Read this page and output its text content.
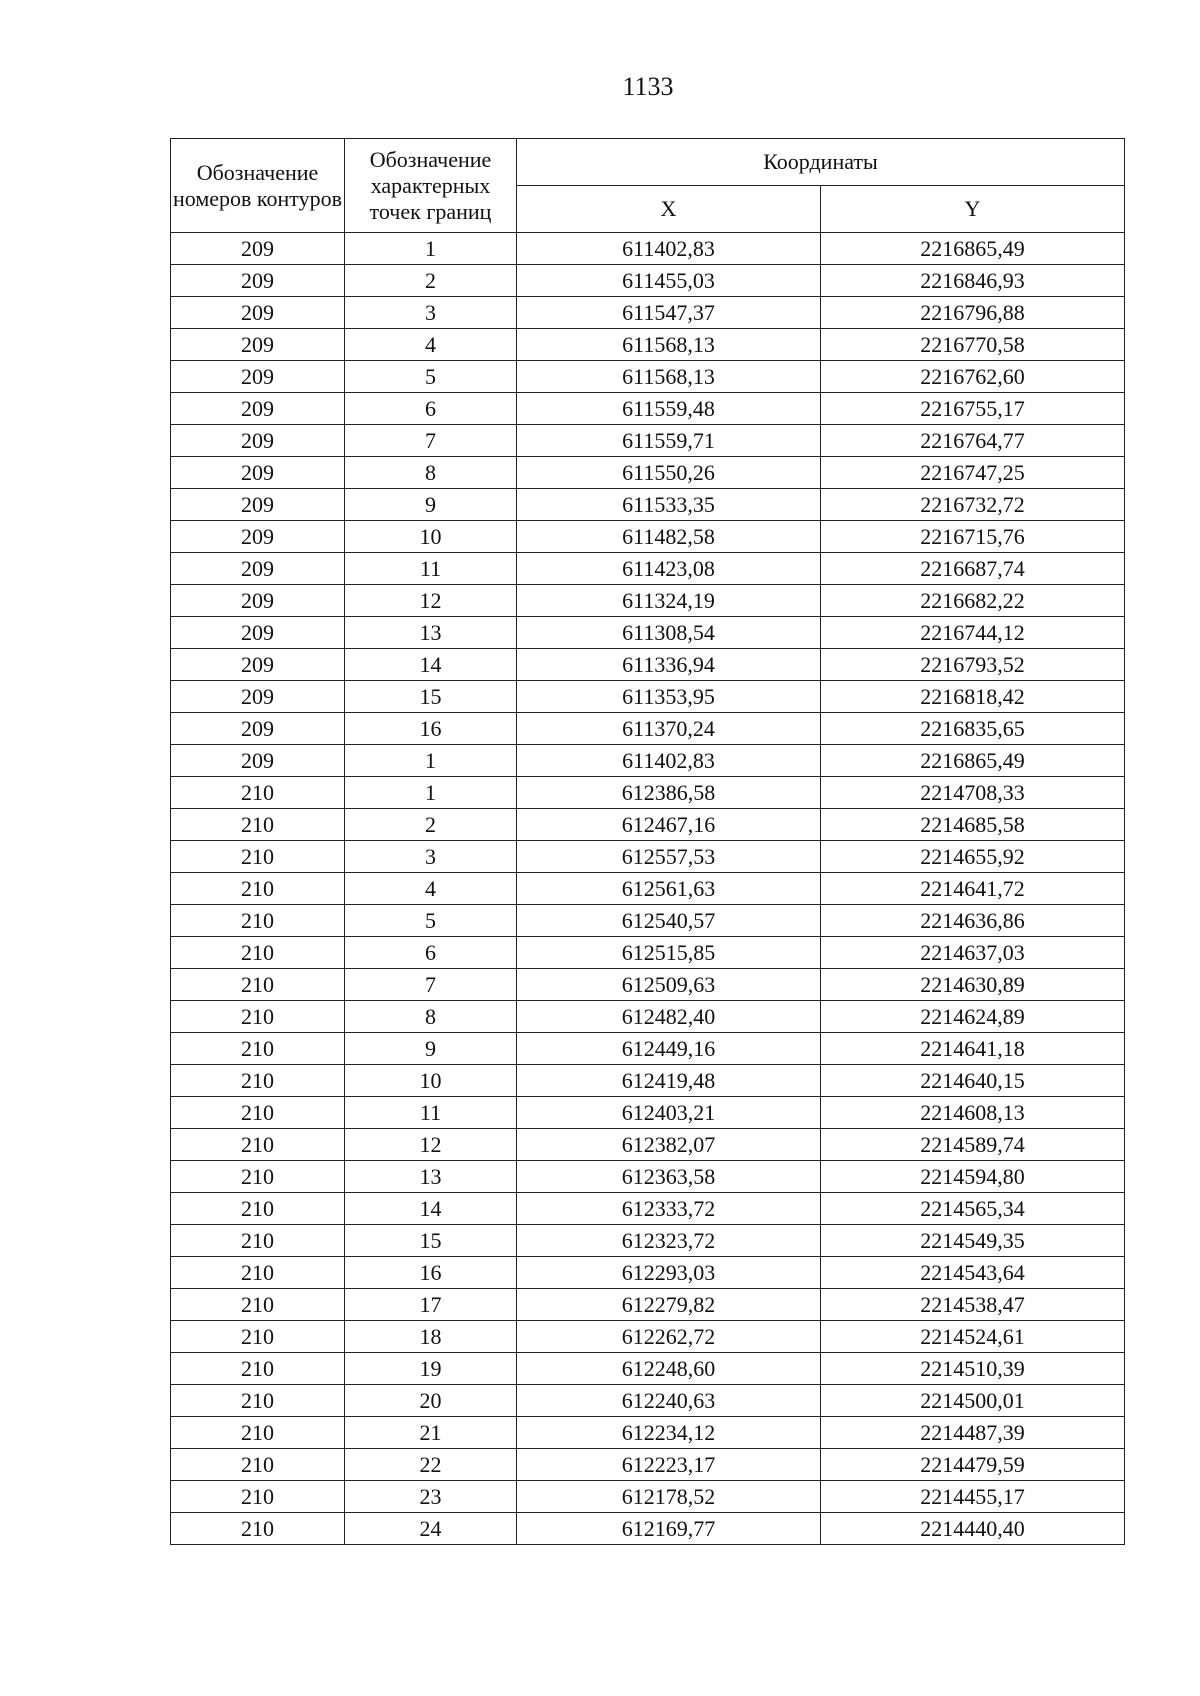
1133
Обозначение номеров контуров	Обозначение характерных точек границ	Координаты	
		X	Y
209	1	611402,83	2216865,49
209	2	611455,03	2216846,93
209	3	611547,37	2216796,88
209	4	611568,13	2216770,58
209	5	611568,13	2216762,60
209	6	611559,48	2216755,17
209	7	611559,71	2216764,77
209	8	611550,26	2216747,25
209	9	611533,35	2216732,72
209	10	611482,58	2216715,76
209	11	611423,08	2216687,74
209	12	611324,19	2216682,22
209	13	611308,54	2216744,12
209	14	611336,94	2216793,52
209	15	611353,95	2216818,42
209	16	611370,24	2216835,65
209	1	611402,83	2216865,49
210	1	612386,58	2214708,33
210	2	612467,16	2214685,58
210	3	612557,53	2214655,92
210	4	612561,63	2214641,72
210	5	612540,57	2214636,86
210	6	612515,85	2214637,03
210	7	612509,63	2214630,89
210	8	612482,40	2214624,89
210	9	612449,16	2214641,18
210	10	612419,48	2214640,15
210	11	612403,21	2214608,13
210	12	612382,07	2214589,74
210	13	612363,58	2214594,80
210	14	612333,72	2214565,34
210	15	612323,72	2214549,35
210	16	612293,03	2214543,64
210	17	612279,82	2214538,47
210	18	612262,72	2214524,61
210	19	612248,60	2214510,39
210	20	612240,63	2214500,01
210	21	612234,12	2214487,39
210	22	612223,17	2214479,59
210	23	612178,52	2214455,17
210	24	612169,77	2214440,40
